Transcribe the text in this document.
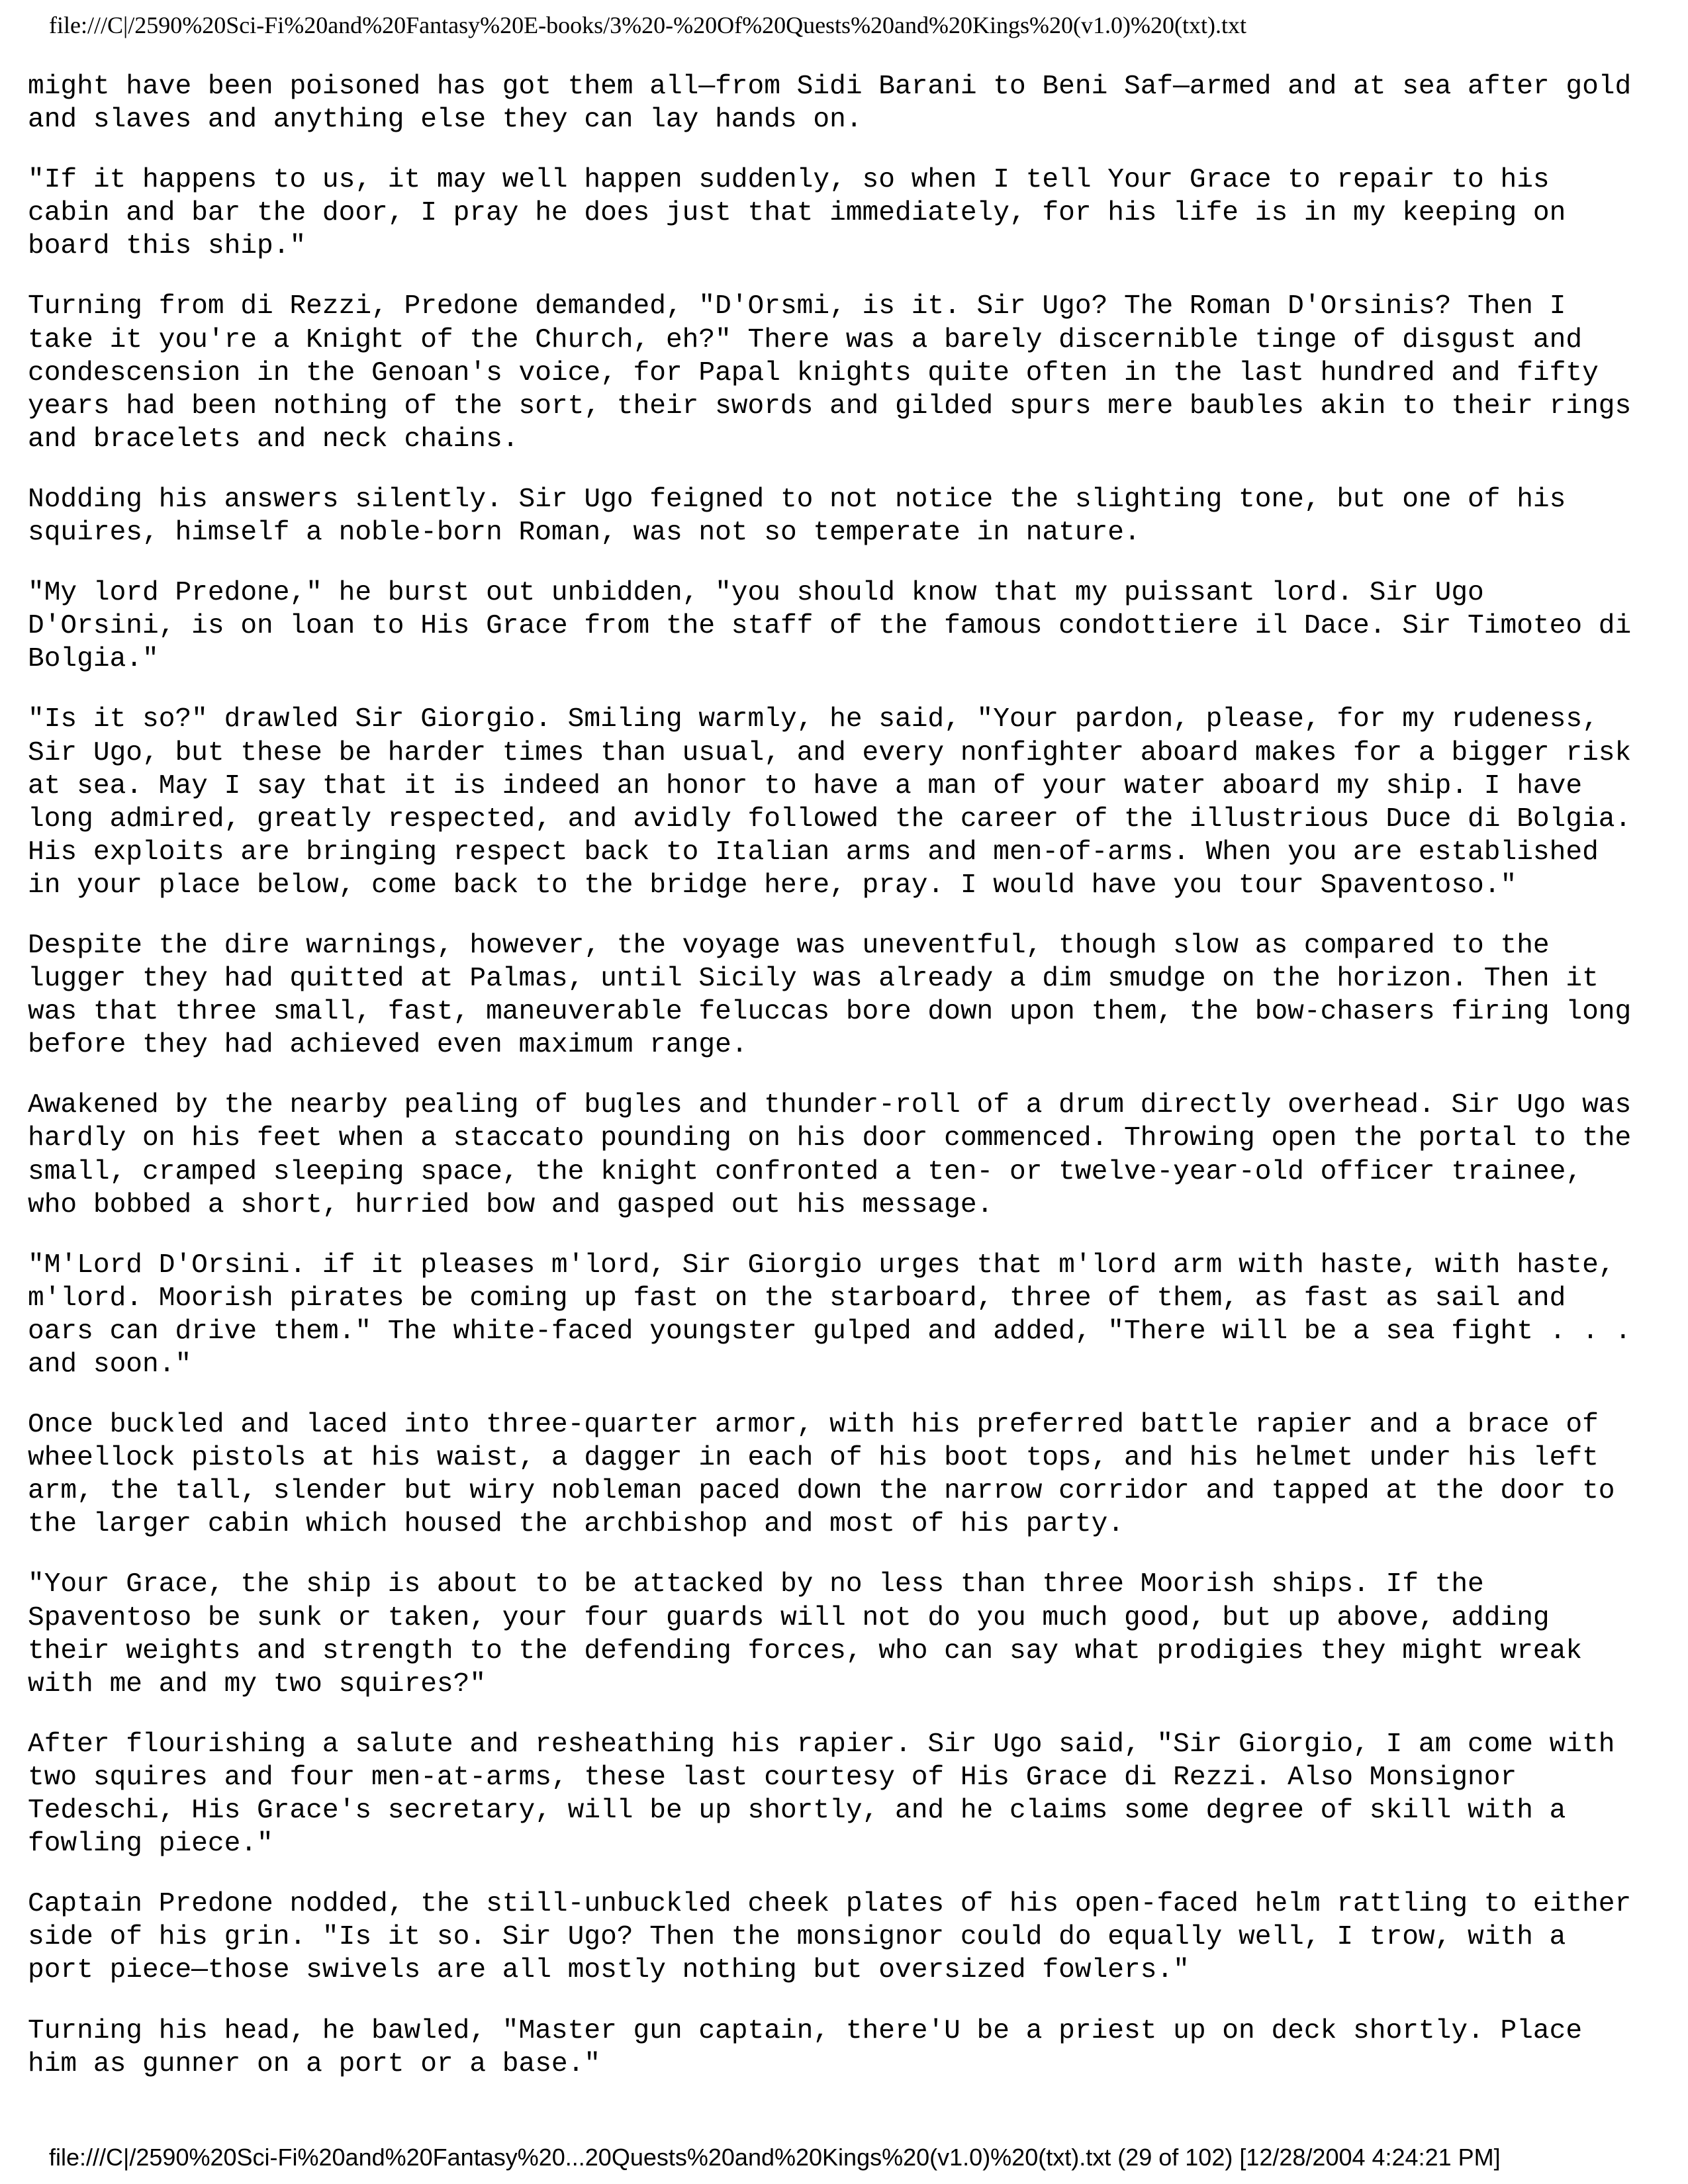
file:///C|/2590%20Sci-Fi%20and%20Fantasy%20E-books/3%20-%20Of%20Quests%20and%20Kings%20(v1.0)%20(txt).txt

might have been poisoned has got them all—from Sidi Barani to Beni Saf—armed and at sea after gold
and slaves and anything else they can lay hands on.

"If it happens to us, it may well happen suddenly, so when I tell Your Grace to repair to his
cabin and bar the door, I pray he does just that immediately, for his life is in my keeping on
board this ship."

Turning from di Rezzi, Predone demanded, "D'Orsmi, is it. Sir Ugo? The Roman D'Orsinis? Then I
take it you're a Knight of the Church, eh?" There was a barely discernible tinge of disgust and
condescension in the Genoan's voice, for Papal knights quite often in the last hundred and fifty
years had been nothing of the sort, their swords and gilded spurs mere baubles akin to their rings
and bracelets and neck chains.

Nodding his answers silently. Sir Ugo feigned to not notice the slighting tone, but one of his
squires, himself a noble-born Roman, was not so temperate in nature.

"My lord Predone," he burst out unbidden, "you should know that my puissant lord. Sir Ugo
D'Orsini, is on loan to His Grace from the staff of the famous condottiere il Dace. Sir Timoteo di
Bolgia."

"Is it so?" drawled Sir Giorgio. Smiling warmly, he said, "Your pardon, please, for my rudeness,
Sir Ugo, but these be harder times than usual, and every nonfighter aboard makes for a bigger risk
at sea. May I say that it is indeed an honor to have a man of your water aboard my ship. I have
long admired, greatly respected, and avidly followed the career of the illustrious Duce di Bolgia.
His exploits are bringing respect back to Italian arms and men-of-arms. When you are established
in your place below, come back to the bridge here, pray. I would have you tour Spaventoso."

Despite the dire warnings, however, the voyage was uneventful, though slow as compared to the
lugger they had quitted at Palmas, until Sicily was already a dim smudge on the horizon. Then it
was that three small, fast, maneuverable feluccas bore down upon them, the bow-chasers firing long
before they had achieved even maximum range.

Awakened by the nearby pealing of bugles and thunder-roll of a drum directly overhead. Sir Ugo was
hardly on his feet when a staccato pounding on his door commenced. Throwing open the portal to the
small, cramped sleeping space, the knight confronted a ten- or twelve-year-old officer trainee,
who bobbed a short, hurried bow and gasped out his message.

"M'Lord D'Orsini. if it pleases m'lord, Sir Giorgio urges that m'lord arm with haste, with haste,
m'lord. Moorish pirates be coming up fast on the starboard, three of them, as fast as sail and
oars can drive them." The white-faced youngster gulped and added, "There will be a sea fight . . .
and soon."

Once buckled and laced into three-quarter armor, with his preferred battle rapier and a brace of
wheellock pistols at his waist, a dagger in each of his boot tops, and his helmet under his left
arm, the tall, slender but wiry nobleman paced down the narrow corridor and tapped at the door to
the larger cabin which housed the archbishop and most of his party.

"Your Grace, the ship is about to be attacked by no less than three Moorish ships. If the
Spaventoso be sunk or taken, your four guards will not do you much good, but up above, adding
their weights and strength to the defending forces, who can say what prodigies they might wreak
with me and my two squires?"

After flourishing a salute and resheathing his rapier. Sir Ugo said, "Sir Giorgio, I am come with
two squires and four men-at-arms, these last courtesy of His Grace di Rezzi. Also Monsignor
Tedeschi, His Grace's secretary, will be up shortly, and he claims some degree of skill with a
fowling piece."

Captain Predone nodded, the still-unbuckled cheek plates of his open-faced helm rattling to either
side of his grin. "Is it so. Sir Ugo? Then the monsignor could do equally well, I trow, with a
port piece—those swivels are all mostly nothing but oversized fowlers."

Turning his head, he bawled, "Master gun captain, there'U be a priest up on deck shortly. Place
him as gunner on a port or a base."

file:///C|/2590%20Sci-Fi%20and%20Fantasy%20...20Quests%20and%20Kings%20(v1.0)%20(txt).txt (29 of 102) [12/28/2004 4:24:21 PM]
